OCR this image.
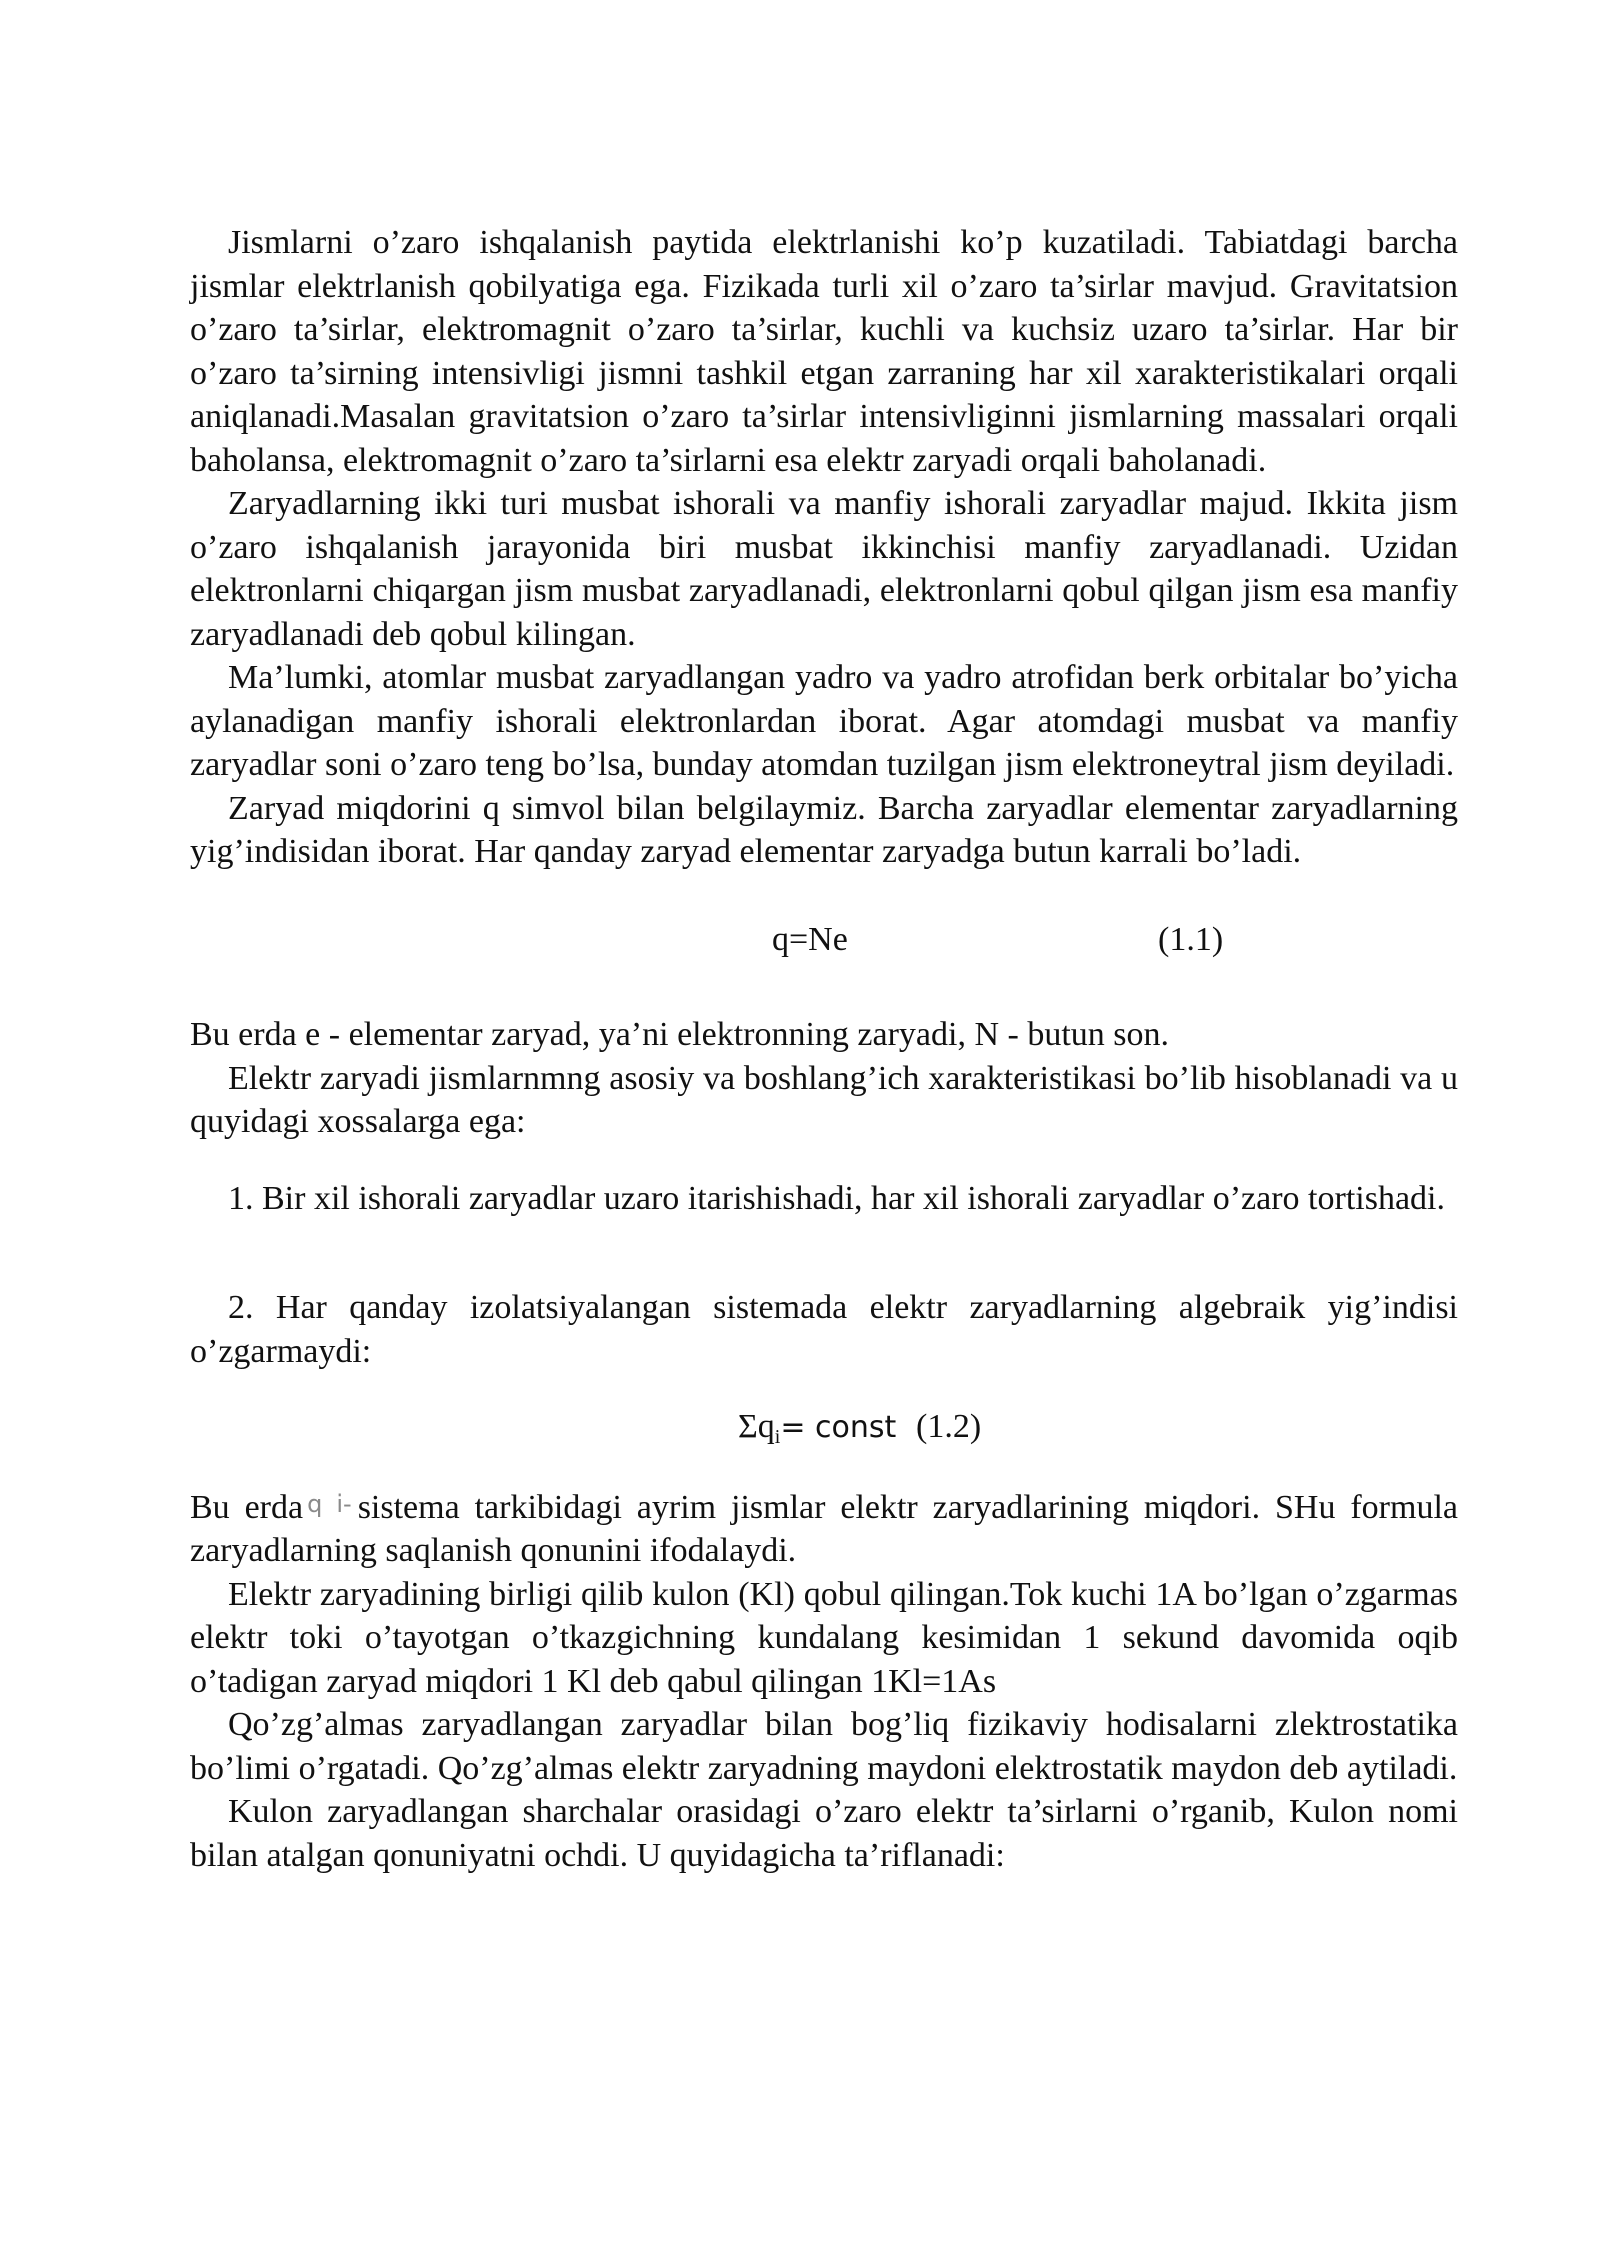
Jismlarni o’zaro ishqalanish paytida elektrlanishi ko’p kuzatiladi. Tabiatdagi barcha jismlar elektrlanish qobilyatiga ega. Fizikada turli xil o’zaro ta’sirlar mavjud. Gravitatsion o’zaro ta’sirlar, elektromagnit o’zaro ta’sirlar, kuchli va kuchsiz uzaro ta’sirlar. Har bir o’zaro ta’sirning intensivligi jismni tashkil etgan zarraning har xil xarakteristikalari orqali aniqlanadi.Masalan gravitatsion o’zaro ta’sirlar intensivliginni jismlarning massalari orqali baholansa, elektromagnit o’zaro ta’sirlarni esa elektr zaryadi orqali baholanadi.

Zaryadlarning ikki turi musbat ishorali va manfiy ishorali zaryadlar majud. Ikkita jism o’zaro ishqalanish jarayonida biri musbat ikkinchisi manfiy zaryadlanadi. Uzidan elektronlarni chiqargan jism musbat zaryadlanadi, elektronlarni qobul qilgan jism esa manfiy zaryadlanadi deb qobul kilingan.

Ma’lumki, atomlar musbat zaryadlangan yadro va yadro atrofidan berk orbitalar bo’yicha aylanadigan manfiy ishorali elektronlardan iborat. Agar atomdagi musbat va manfiy zaryadlar soni o’zaro teng bo’lsa, bunday atomdan tuzilgan jism elektroneytral jism deyiladi.

Zaryad miqdorini q simvol bilan belgilaymiz. Barcha zaryadlar elementar zaryadlarning yig’indisidan iborat. Har qanday zaryad elementar zaryadga butun karrali bo’ladi.

q=Ne	(1.1)

Bu erda e - elementar zaryad, ya’ni elektronning zaryadi, N - butun son.

Elektr zaryadi jismlarnmng asosiy va boshlang’ich xarakteristikasi bo’lib hisoblanadi va u quyidagi xossalarga ega:

1. Bir xil ishorali zaryadlar uzaro itarishishadi, har xil ishorali zaryadlar o’zaro tortishadi.

2. Har qanday izolatsiyalangan sistemada elektr zaryadlarning algebraik yig’indisi o’zgarmaydi:

$\Sigma q_i=$ const (1.2)

Bu erda q i- sistema tarkibidagi ayrim jismlar elektr zaryadlarining miqdori. SHu formula zaryadlarning saqlanish qonunini ifodalaydi.

Elektr zaryadining birligi qilib kulon (Kl) qobul qilingan.Tok kuchi 1A bo’lgan o’zgarmas elektr toki o’tayotgan o’tkazgichning kundalang kesimidan 1 sekund davomida oqib o’tadigan zaryad miqdori 1 Kl deb qabul qilingan 1Kl=1As

Qo’zg’almas zaryadlangan zaryadlar bilan bog’liq fizikaviy hodisalarni zlektrostatika bo’limi o’rgatadi. Qo’zg’almas elektr zaryadning maydoni elektrostatik maydon deb aytiladi.

Kulon zaryadlangan sharchalar orasidagi o’zaro elektr ta’sirlarni o’rganib, Kulon nomi bilan atalgan qonuniyatni ochdi. U quyidagicha ta’riflanadi:
